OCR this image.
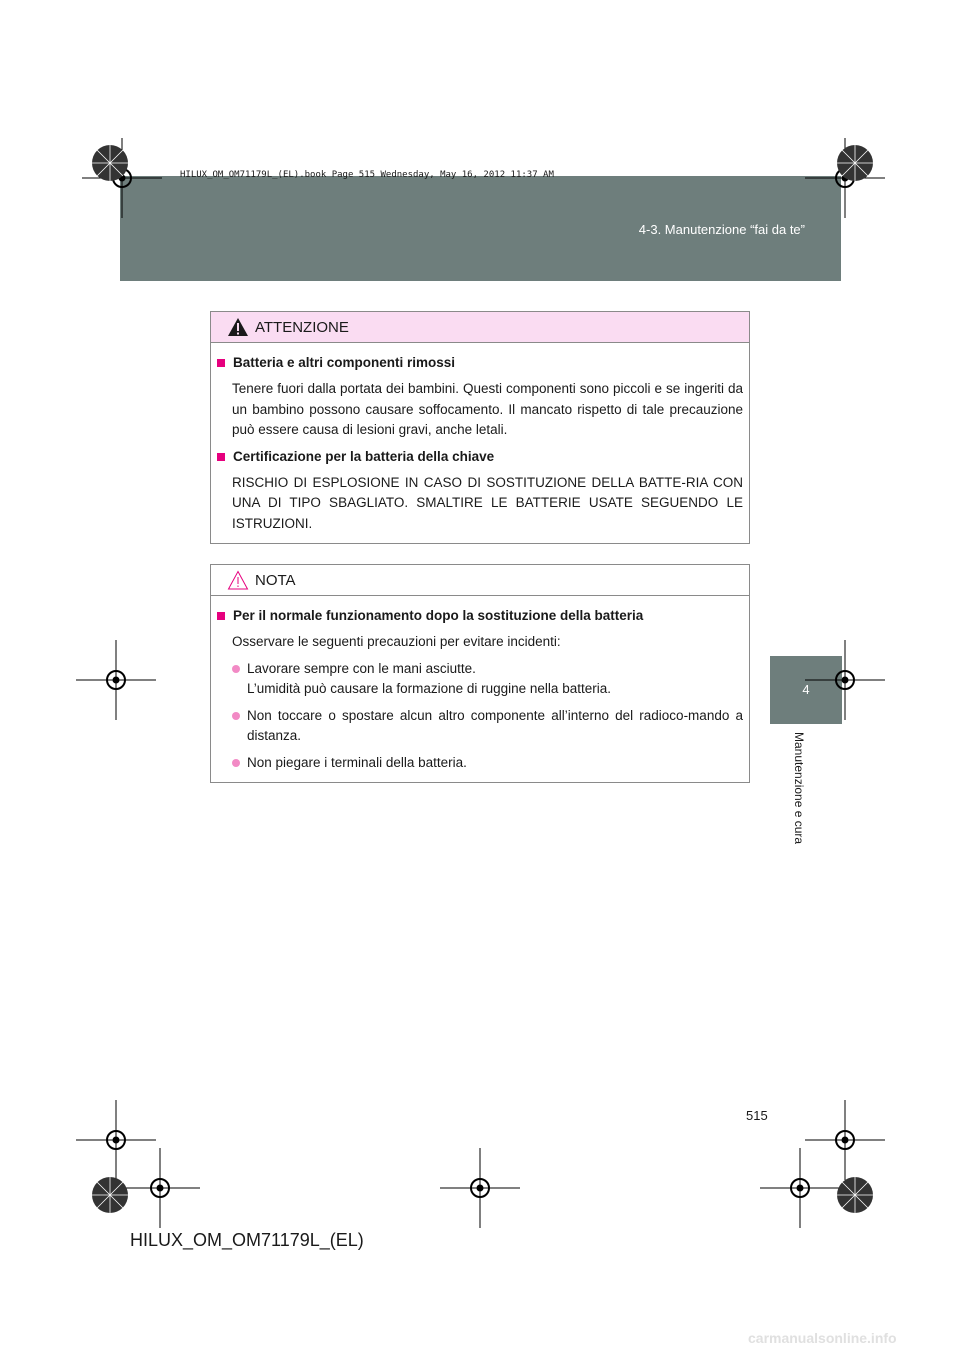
HILUX_OM_OM71179L_(EL).book Page 515 Wednesday, May 16, 2012 11:37 AM
4-3. Manutenzione “fai da te”
4
Manutenzione e cura
ATTENZIONE
Batteria e altri componenti rimossi

Tenere fuori dalla portata dei bambini. Questi componenti sono piccoli e se ingeriti da un bambino possono causare soffocamento. Il mancato rispetto di tale precauzione può essere causa di lesioni gravi, anche letali.

Certificazione per la batteria della chiave

RISCHIO DI ESPLOSIONE IN CASO DI SOSTITUZIONE DELLA BATTE-RIA CON UNA DI TIPO SBAGLIATO. SMALTIRE LE BATTERIE USATE SEGUENDO LE ISTRUZIONI.

NOTA
Per il normale funzionamento dopo la sostituzione della batteria

Osservare le seguenti precauzioni per evitare incidenti:

Lavorare sempre con le mani asciutte.
L’umidità può causare la formazione di ruggine nella batteria.
Non toccare o spostare alcun altro componente all’interno del radioco-mando a distanza.
Non piegare i terminali della batteria.
515
HILUX_OM_OM71179L_(EL)
carmanualsonline.info
